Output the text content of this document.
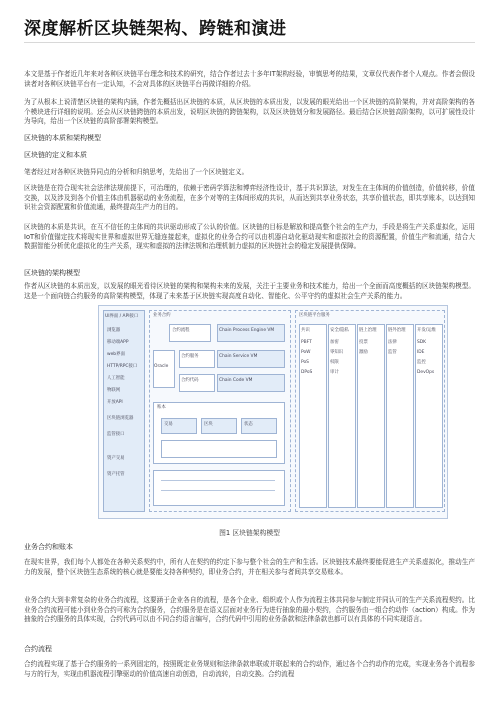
深度解析区块链架构、跨链和演进
本文是基于作者近几年来对各种区块链平台理念和技术的研究，结合作者过去十多年IT架构经验，审慎思考的结果，文章仅代表作者个人观点。作者会假设读者对各种区块链平台有一定认知，不会对具体的区块链平台再做详细的介绍。
为了从根本上说清楚区块链的架构内涵，作者先概括出区块链的本质，从区块链的本质出发，以发展的眼光给出一个区块链的高阶架构，并对高阶架构的各个模块进行详细的说明。还会从区块链跨链的本质出发，说明区块链的跨链架构，以及区块链划分和发展路径。最后结合区块链高阶架构，以可扩展性设计为导向，给出一个区块链的高阶部署架构模型。
区块链的本质和架构模型
区块链的定义和本质
笔者经过对各种区块链异同点的分析和归纳思考，先给出了一个区块链定义。
区块链是在符合现实社会法律法规前提下，可治理的，依赖于密码学算法和博弈经济性设计，基于共识算法，对发生在主体间的价值创造，价值转移，价值交换，以及涉及到各个价值主体由机器驱动的业务流程，在多个对等的主体间形成的共识，从而达到共享业务状态，共享价值状态，即共享账本，以达到知识社会资源配置和价值流通，最终提高生产力的目的。
区块链的本质是共识，在互不信任的主体间的共识驱动形成了公认的价值。区块链的目标是解放和提高整个社会的生产力，手段是将生产关系虚拟化，运用IoT和价值锚定技术将现实世界和虚拟世界无缝连接起来，虚拟化的业务合约可以由机器自动化驱动现实和虚拟社会的资源配置，价值生产和流通，结合大数据智能分析优化虚拟化的生产关系，现实和虚拟的法律法规和治理机制力虚拟的区块链社会的稳定发展提供保障。
区块链的架构模型
作者从区块链的本质出发，以发展的眼光看待区块链的架构和架构未来的发展，关注于主要业务和技术能力，给出一个全面而高度概括的区块链架构模型。这是一个面向链合约服务的高阶架构模型，体现了未来基于区块链实现高度自动化、智能化、公平守约的虚拟社会生产关系的能力。
UI界面 / API接口
浏览器
移动端APP
web界面
HTTP/RPC接口
人工智能
物联网
开放API
区块链浏览器
监管接口
资产交易
资产托管
业务合约
合约流程	Chain Process Engine VM
Oracle
合约服务	Chain Service VM
合约代码	Chain Code VM
账本
交易	区块	状态
区块链平台服务
共识
PBFT
PoW
PoS
DPoS
安全/隐私
加密
零知识
权限
审计
链上治理
投票
激励
链外治理
法律
监管
开发/运维
SDK
IDE
监控
DevOps
图1 区块链架构模型
业务合约和账本
在现实世界，我们每个人都处在各种关系契约中，所有人在契约的约定下参与整个社会的生产和生活。区块链技术最终要能促进生产关系虚拟化，推动生产力的发展，整个区块链生态系统的核心就是要能支持各种契约，即业务合约，并在相关参与者间共享交易账本。
业务合约大到非常复杂的业务合约流程，这要涵于企业各自的流程，是各个企业、组织或个人作为流程主体共同参与制定并同认可的生产关系流程契约。比业务合约流程可能小到业务合约可称为合约服务，合约服务是在语义层面对业务行为进行抽象的最小契约，合约服务由一组合约动作（action）构成。作为抽象的合约服务的具体实现，合约代码可以由不同合约语言编写，合约代码中引用的业务条款和法律条款也都可以有具体的不同实现语言。
合约流程
合约流程实现了基于合约服务的一系列固定的，按照既定业务规则和法律条款串联或并联起来的合约动作，通过各个合约动作的完成，实现业务各个流程参与方的行为，实现由机器流程引擎驱动的价值高速自动创造，自动流转，自动交换。合约流程
